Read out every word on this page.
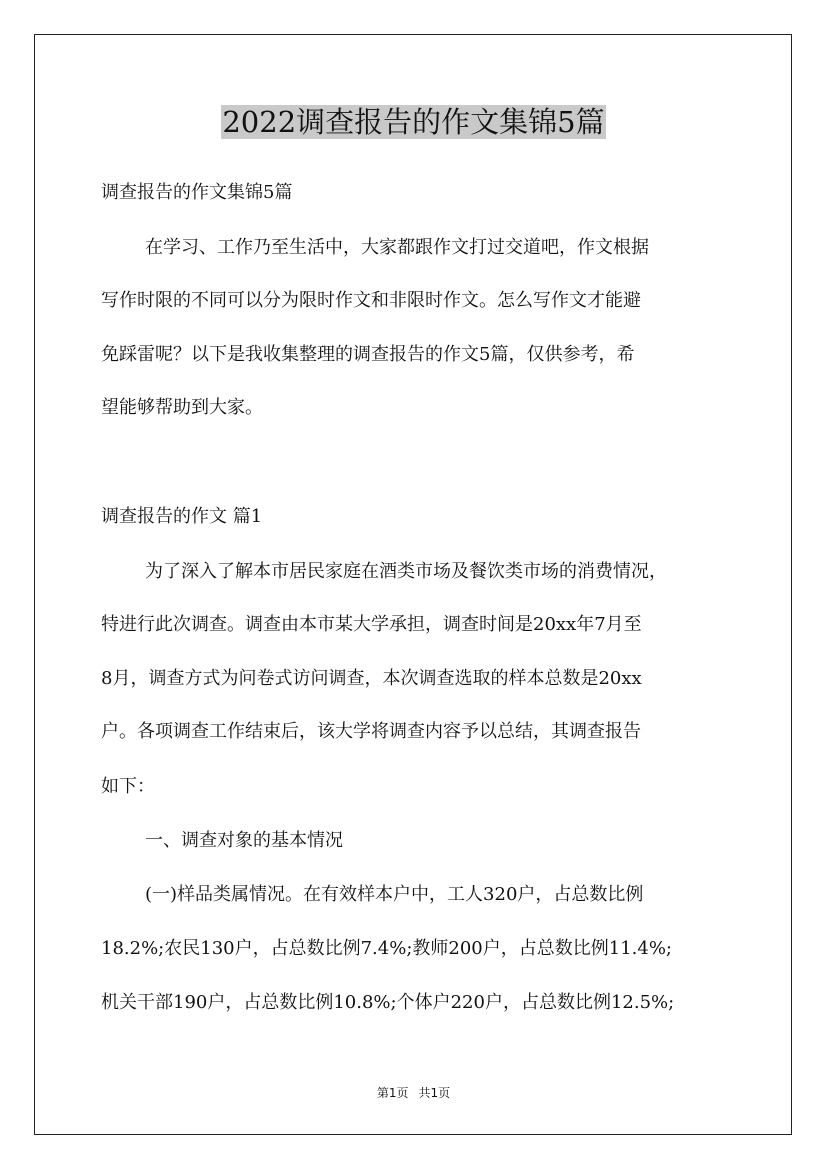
2022调查报告的作文集锦5篇
调查报告的作文集锦5篇
在学习、工作乃至生活中，大家都跟作文打过交道吧，作文根据
写作时限的不同可以分为限时作文和非限时作文。怎么写作文才能避
免踩雷呢？以下是我收集整理的调查报告的作文5篇，仅供参考，希
望能够帮助到大家。
调查报告的作文 篇1
为了深入了解本市居民家庭在酒类市场及餐饮类市场的消费情况，
特进行此次调查。调查由本市某大学承担，调查时间是20xx年7月至
8月，调查方式为问卷式访问调查，本次调查选取的样本总数是20xx
户。各项调查工作结束后，该大学将调查内容予以总结，其调查报告
如下：
一、调查对象的基本情况
(一)样品类属情况。在有效样本户中，工人320户，占总数比例
18.2%;农民130户，占总数比例7.4%;教师200户，占总数比例11.4%;
机关干部190户，占总数比例10.8%;个体户220户，占总数比例12.5%;
第1页 共1页
